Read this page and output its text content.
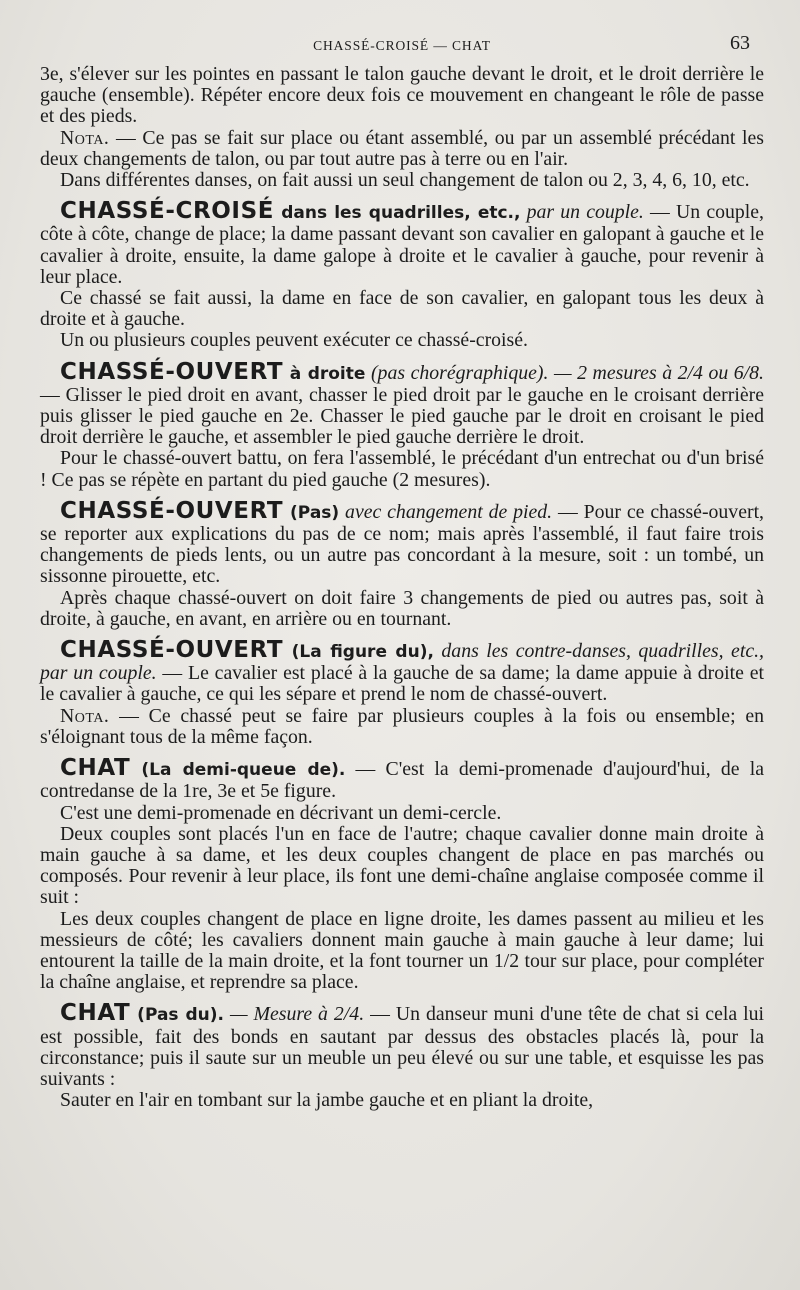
CHASSÉ-CROISÉ — CHAT	63

3e, s'élever sur les pointes en passant le talon gauche devant le droit, et le droit derrière le gauche (ensemble). Répéter encore deux fois ce mouvement en changeant le rôle de passe et des pieds.

Nota. — Ce pas se fait sur place ou étant assemblé, ou par un assemblé précédant les deux changements de talon, ou par tout autre pas à terre ou en l'air.

Dans différentes danses, on fait aussi un seul changement de talon ou 2, 3, 4, 6, 10, etc.

CHASSÉ-CROISÉ dans les quadrilles, etc., par un couple. — Un couple, côte à côte, change de place; la dame passant devant son cavalier en galopant à gauche et le cavalier à droite, ensuite, la dame galope à droite et le cavalier à gauche, pour revenir à leur place.

Ce chassé se fait aussi, la dame en face de son cavalier, en galopant tous les deux à droite et à gauche.

Un ou plusieurs couples peuvent exécuter ce chassé-croisé.

CHASSÉ-OUVERT à droite (pas chorégraphique). — 2 mesures à 2/4 ou 6/8. — Glisser le pied droit en avant, chasser le pied droit par le gauche en le croisant derrière puis glisser le pied gauche en 2e. Chasser le pied gauche par le droit en croisant le pied droit derrière le gauche, et assembler le pied gauche derrière le droit.

Pour le chassé-ouvert battu, on fera l'assemblé, le précédant d'un entrechat ou d'un brisé ! Ce pas se répète en partant du pied gauche (2 mesures).

CHASSÉ-OUVERT (Pas) avec changement de pied. — Pour ce chassé-ouvert, se reporter aux explications du pas de ce nom; mais après l'assemblé, il faut faire trois changements de pieds lents, ou un autre pas concordant à la mesure, soit : un tombé, un sissonne pirouette, etc.

Après chaque chassé-ouvert on doit faire 3 changements de pied ou autres pas, soit à droite, à gauche, en avant, en arrière ou en tournant.

CHASSÉ-OUVERT (La figure du), dans les contre-danses, quadrilles, etc., par un couple. — Le cavalier est placé à la gauche de sa dame; la dame appuie à droite et le cavalier à gauche, ce qui les sépare et prend le nom de chassé-ouvert.

Nota. — Ce chassé peut se faire par plusieurs couples à la fois ou ensemble; en s'éloignant tous de la même façon.

CHAT (La demi-queue de). — C'est la demi-promenade d'aujourd'hui, de la contredanse de la 1re, 3e et 5e figure.

C'est une demi-promenade en décrivant un demi-cercle.

Deux couples sont placés l'un en face de l'autre; chaque cavalier donne main droite à main gauche à sa dame, et les deux couples changent de place en pas marchés ou composés. Pour revenir à leur place, ils font une demi-chaîne anglaise composée comme il suit :

Les deux couples changent de place en ligne droite, les dames passent au milieu et les messieurs de côté; les cavaliers donnent main gauche à main gauche à leur dame; lui entourent la taille de la main droite, et la font tourner un 1/2 tour sur place, pour compléter la chaîne anglaise, et reprendre sa place.

CHAT (Pas du). — Mesure à 2/4. — Un danseur muni d'une tête de chat si cela lui est possible, fait des bonds en sautant par dessus des obstacles placés là, pour la circonstance; puis il saute sur un meuble un peu élevé ou sur une table, et esquisse les pas suivants :

Sauter en l'air en tombant sur la jambe gauche et en pliant la droite,
